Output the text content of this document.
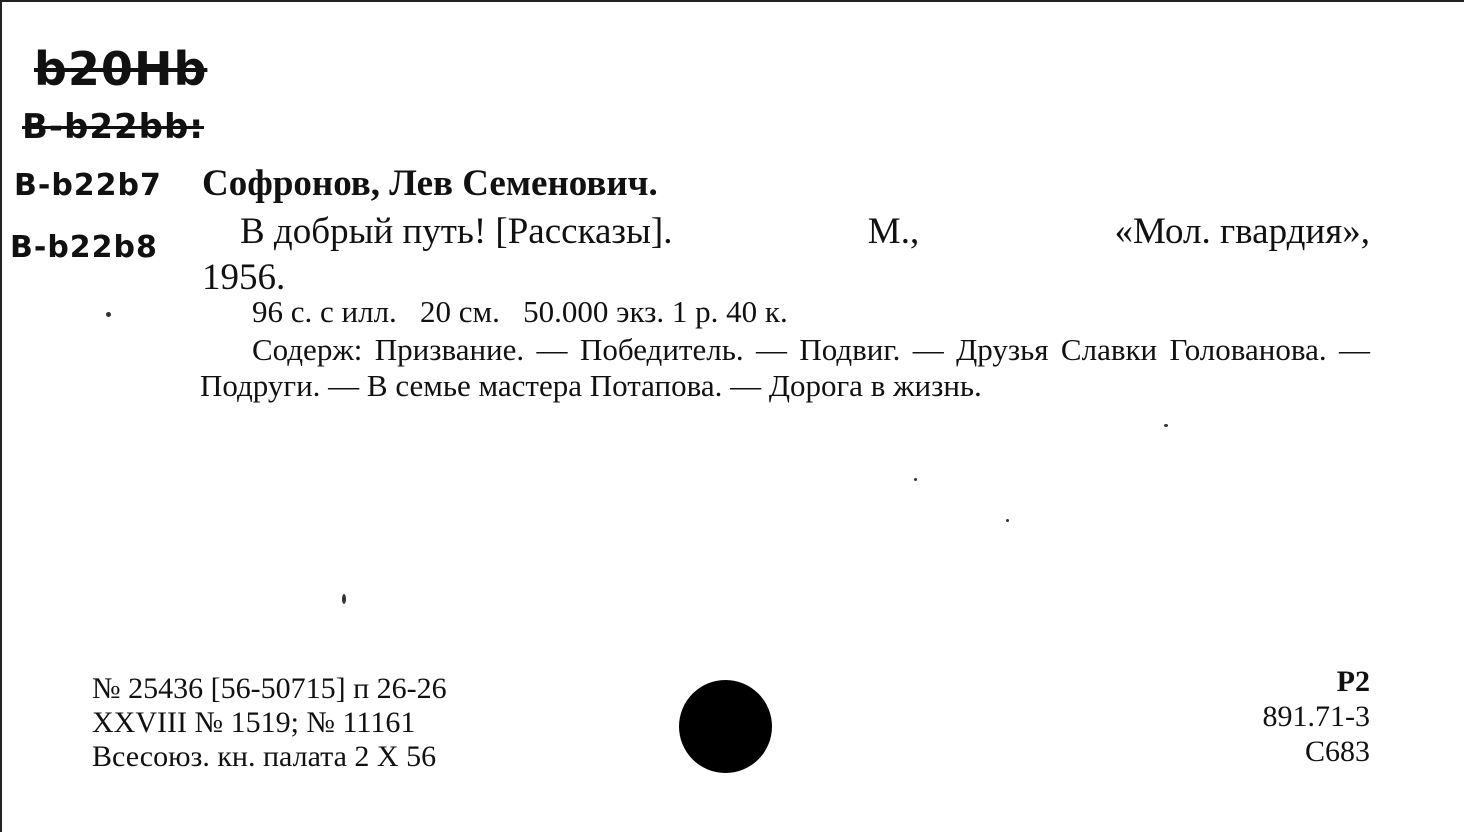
b20Hb
B-b22bb:
B-b22b7
B-b22b8
Софронов, Лев Семенович.
В добрый путь! [Рассказы].	М.,	«Мол. гвардия»,
1956.
96 с. с илл.   20 см.   50.000 экз. 1 р. 40 к.
Содерж: Призвание. — Победитель. — Подвиг. — Друзья Славки Голованова. — Подруги. — В семье мастера Потапова. — Дорога в жизнь.
№ 25436 [56-50715] п 26-26
XXVIII № 1519; № 11161
Всесоюз. кн. палата 2 X 56
Р2
891.71-3
С683
